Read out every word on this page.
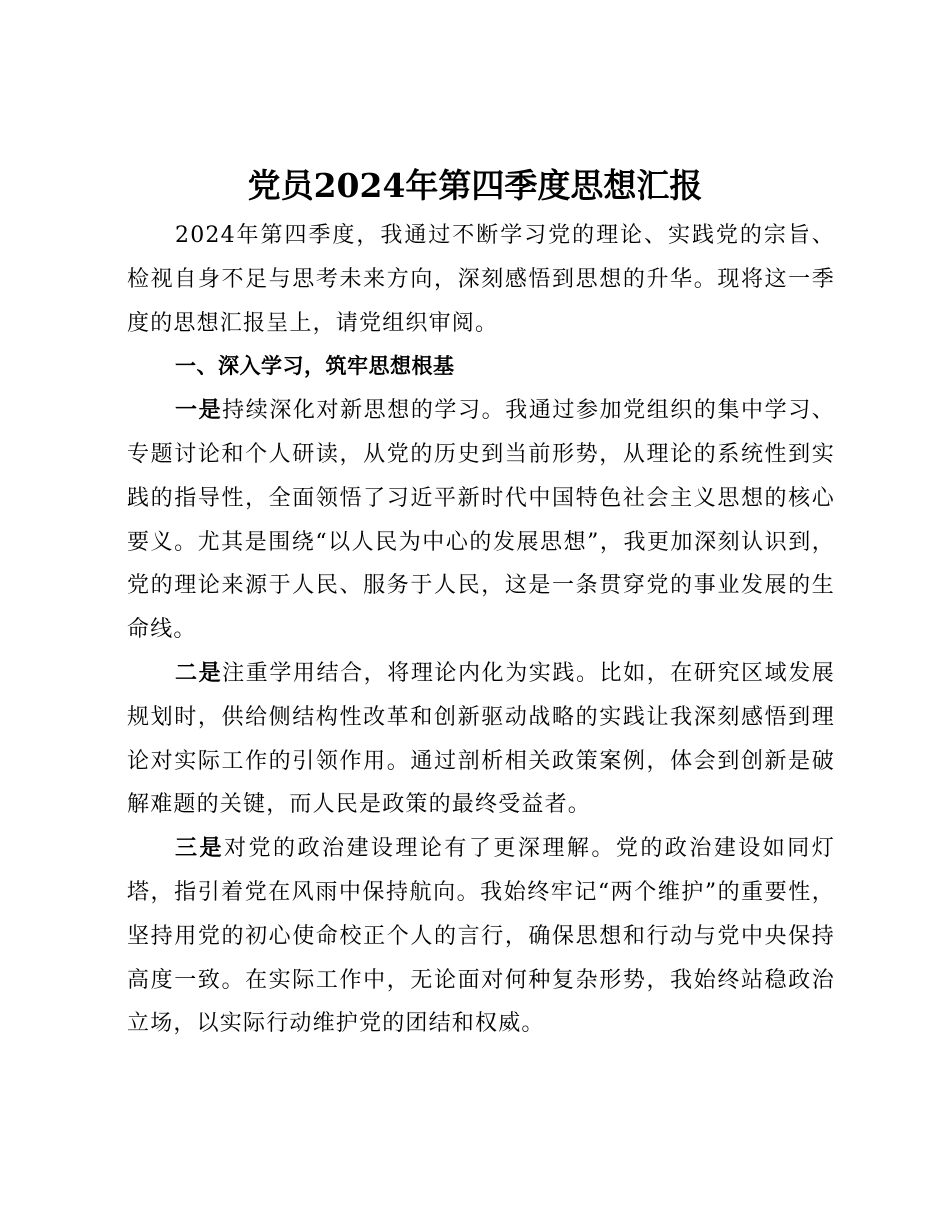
党员2024年第四季度思想汇报

2024年第四季度，我通过不断学习党的理论、实践党的宗旨、检视自身不足与思考未来方向，深刻感悟到思想的升华。现将这一季度的思想汇报呈上，请党组织审阅。

一、深入学习，筑牢思想根基

一是持续深化对新思想的学习。我通过参加党组织的集中学习、专题讨论和个人研读，从党的历史到当前形势，从理论的系统性到实践的指导性，全面领悟了习近平新时代中国特色社会主义思想的核心要义。尤其是围绕“以人民为中心的发展思想”，我更加深刻认识到，党的理论来源于人民、服务于人民，这是一条贯穿党的事业发展的生命线。

二是注重学用结合，将理论内化为实践。比如，在研究区域发展规划时，供给侧结构性改革和创新驱动战略的实践让我深刻感悟到理论对实际工作的引领作用。通过剖析相关政策案例，体会到创新是破解难题的关键，而人民是政策的最终受益者。

三是对党的政治建设理论有了更深理解。党的政治建设如同灯塔，指引着党在风雨中保持航向。我始终牢记“两个维护”的重要性，坚持用党的初心使命校正个人的言行，确保思想和行动与党中央保持高度一致。在实际工作中，无论面对何种复杂形势，我始终站稳政治立场，以实际行动维护党的团结和权威。
